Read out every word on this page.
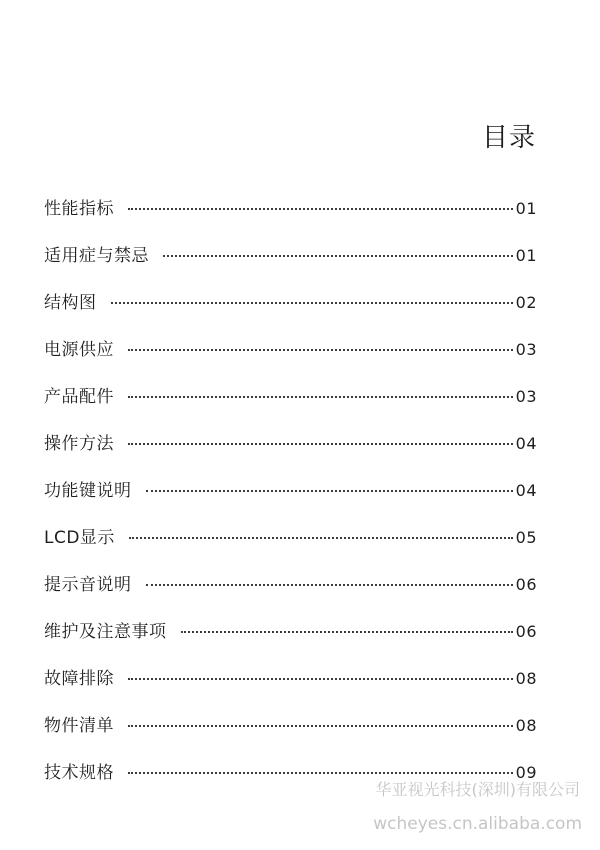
目录
性能指标	01
适用症与禁忌	01
结构图	02
电源供应	03
产品配件	03
操作方法	04
功能键说明	04
LCD显示	05
提示音说明	06
维护及注意事项	06
故障排除	08
物件清单	08
技术规格	09
华亚视光科技(深圳)有限公司
wcheyes.cn.alibaba.com
